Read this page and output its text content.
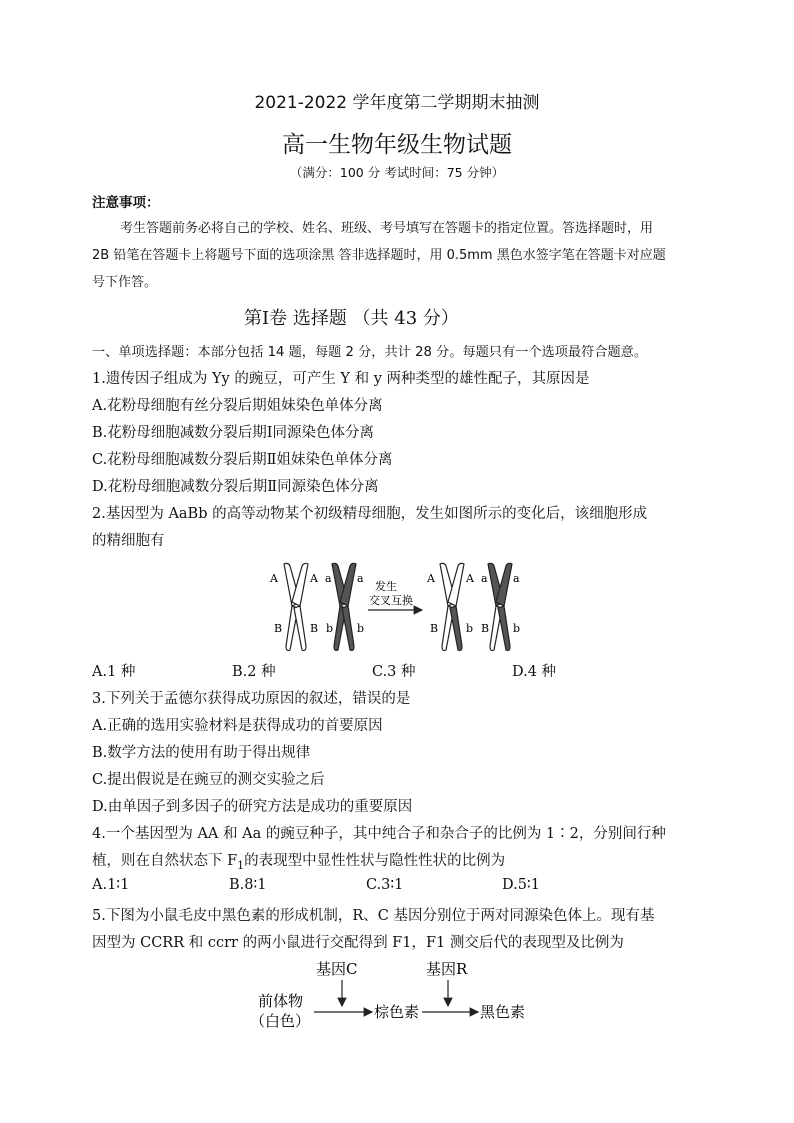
2021-2022 学年度第二学期期末抽测
高一生物年级生物试题
（满分：100 分 考试时间：75 分钟）
注意事项：
考生答题前务必将自己的学校、姓名、班级、考号填写在答题卡的指定位置。答选择题时，用
2B 铅笔在答题卡上将题号下面的选项涂黑 答非选择题时，用 0.5mm 黑色水签字笔在答题卡对应题
号下作答。
第Ⅰ卷 选择题 （共 43 分）
一、单项选择题：本部分包括 14 题，每题 2 分，共计 28 分。每题只有一个选项最符合题意。
1.遗传因子组成为 Yy 的豌豆，可产生 Y 和 y 两种类型的雄性配子，其原因是
A.花粉母细胞有丝分裂后期姐妹染色单体分离
B.花粉母细胞减数分裂后期Ⅰ同源染色体分离
C.花粉母细胞减数分裂后期Ⅱ姐妹染色单体分离
D.花粉母细胞减数分裂后期Ⅱ同源染色体分离
2.基因型为 AaBb 的高等动物某个初级精母细胞，发生如图所示的变化后，该细胞形成
的精细胞有
A	A
B	B
a a
b b
发生
交叉互换
A	A
B	b
a a
B b
A.1 种	B.2 种	C.3 种	D.4 种
3.下列关于孟德尔获得成功原因的叙述，错误的是
A.正确的选用实验材料是获得成功的首要原因
B.数学方法的使用有助于得出规律
C.提出假说是在豌豆的测交实验之后
D.由单因子到多因子的研究方法是成功的重要原因
4.一个基因型为 AA 和 Aa 的豌豆种子，其中纯合子和杂合子的比例为 1∶2，分别间行种
植，则在自然状态下 $F_1$的表现型中显性性状与隐性性状的比例为
A.1∶1	B.8∶1	C.3∶1	D.5∶1
5.下图为小鼠毛皮中黑色素的形成机制，R、C 基因分别位于两对同源染色体上。现有基
因型为 CCRR 和 ccrr 的两小鼠进行交配得到 F1，F1 测交后代的表现型及比例为
基因C	基因R
前体物
（白色）	棕色素	黑色素
